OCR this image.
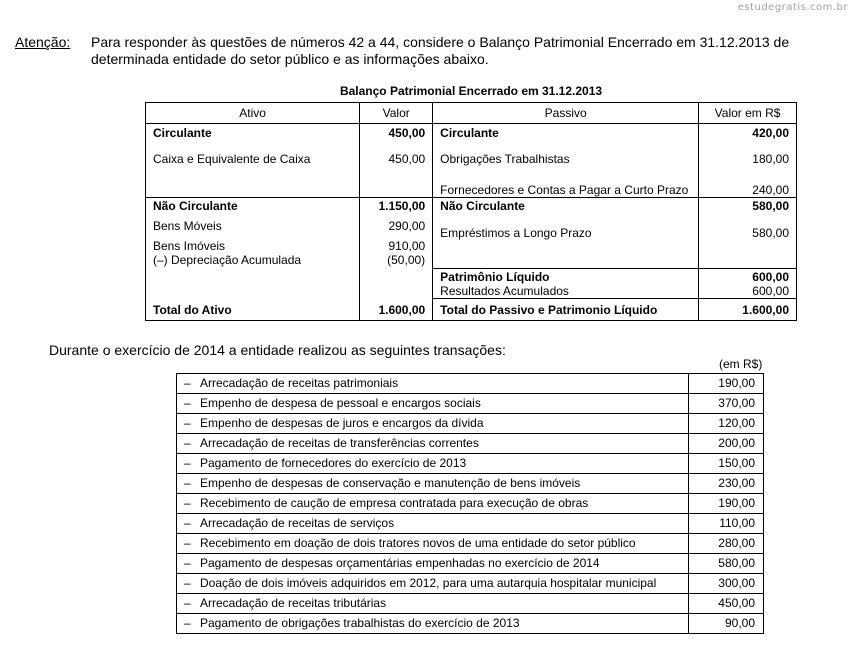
estudegratis.com.br
Atenção: Para responder às questões de números 42 a 44, considere o Balanço Patrimonial Encerrado em 31.12.2013 de determinada entidade do setor público e as informações abaixo.
Balanço Patrimonial Encerrado em 31.12.2013
Ativo	Valor	Passivo	Valor em R$
Circulante	450,00	Circulante	420,00
Caixa e Equivalente de Caixa	450,00	Obrigações Trabalhistas	180,00
		Fornecedores e Contas a Pagar a Curto Prazo	240,00
Não Circulante	1.150,00	Não Circulante	580,00
Bens Móveis	290,00	Empréstimos a Longo Prazo	580,00
Bens Imóveis	910,00		
(–) Depreciação Acumulada	(50,00)		
		Patrimônio Líquido	600,00
		Resultados Acumulados	600,00
Total do Ativo	1.600,00	Total do Passivo e Patrimonio Líquido	1.600,00
Durante o exercício de 2014 a entidade realizou as seguintes transações:
(em R$)
– Arrecadação de receitas patrimoniais	190,00
– Empenho de despesa de pessoal e encargos sociais	370,00
– Empenho de despesas de juros e encargos da dívida	120,00
– Arrecadação de receitas de transferências correntes	200,00
– Pagamento de fornecedores do exercício de 2013	150,00
– Empenho de despesas de conservação e manutenção de bens imóveis	230,00
– Recebimento de caução de empresa contratada para execução de obras	190,00
– Arrecadação de receitas de serviços	110,00
– Recebimento em doação de dois tratores novos de uma entidade do setor público	280,00
– Pagamento de despesas orçamentárias empenhadas no exercício de 2014	580,00
– Doação de dois imóveis adquiridos em 2012, para uma autarquia hospitalar municipal	300,00
– Arrecadação de receitas tributárias	450,00
– Pagamento de obrigações trabalhistas do exercício de 2013	90,00
